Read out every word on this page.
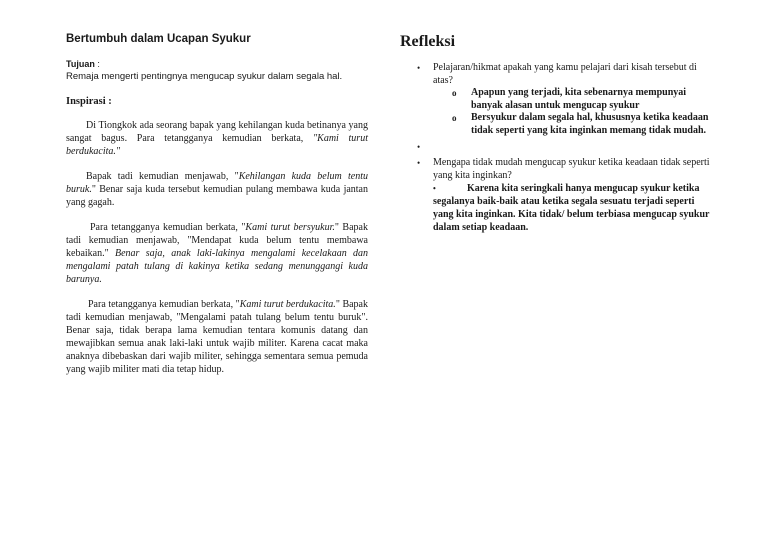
Bertumbuh dalam Ucapan Syukur
Tujuan :
Remaja mengerti pentingnya mengucap syukur dalam segala hal.
Inspirasi :

Di Tiongkok ada seorang bapak yang kehilangan kuda betinanya yang sangat bagus. Para tetangganya kemudian berkata, "Kami turut berdukacita."

Bapak tadi kemudian menjawab, "Kehilangan kuda belum tentu buruk." Benar saja kuda tersebut kemudian pulang membawa kuda jantan yang gagah.

Para tetangganya kemudian berkata, "Kami turut bersyukur." Bapak tadi kemudian menjawab, "Mendapat kuda belum tentu membawa kebaikan." Benar saja, anak laki-lakinya mengalami kecelakaan dan mengalami patah tulang di kakinya ketika sedang menunggangi kuda barunya.

Para tetangganya kemudian berkata, "Kami turut berdukacita." Bapak tadi kemudian menjawab, "Mengalami patah tulang belum tentu buruk". Benar saja, tidak berapa lama kemudian tentara komunis datang dan mewajibkan semua anak laki-laki untuk wajib militer. Karena cacat maka anaknya dibebaskan dari wajib militer, sehingga sementara semua pemuda yang wajib militer mati dia tetap hidup.

Refleksi
• Pelajaran/hikmat apakah yang kamu pelajari dari kisah tersebut di atas?
o Apapun yang terjadi, kita sebenarnya mempunyai banyak alasan untuk mengucap syukur
o Bersyukur dalam segala hal, khususnya ketika keadaan tidak seperti yang kita inginkan memang tidak mudah.
•
• Mengapa tidak mudah mengucap syukur ketika keadaan tidak seperti yang kita inginkan?
•	Karena kita seringkali hanya mengucap syukur ketika segalanya baik-baik atau ketika segala sesuatu terjadi seperti yang kita inginkan. Kita tidak/ belum terbiasa mengucap syukur dalam setiap keadaan.
